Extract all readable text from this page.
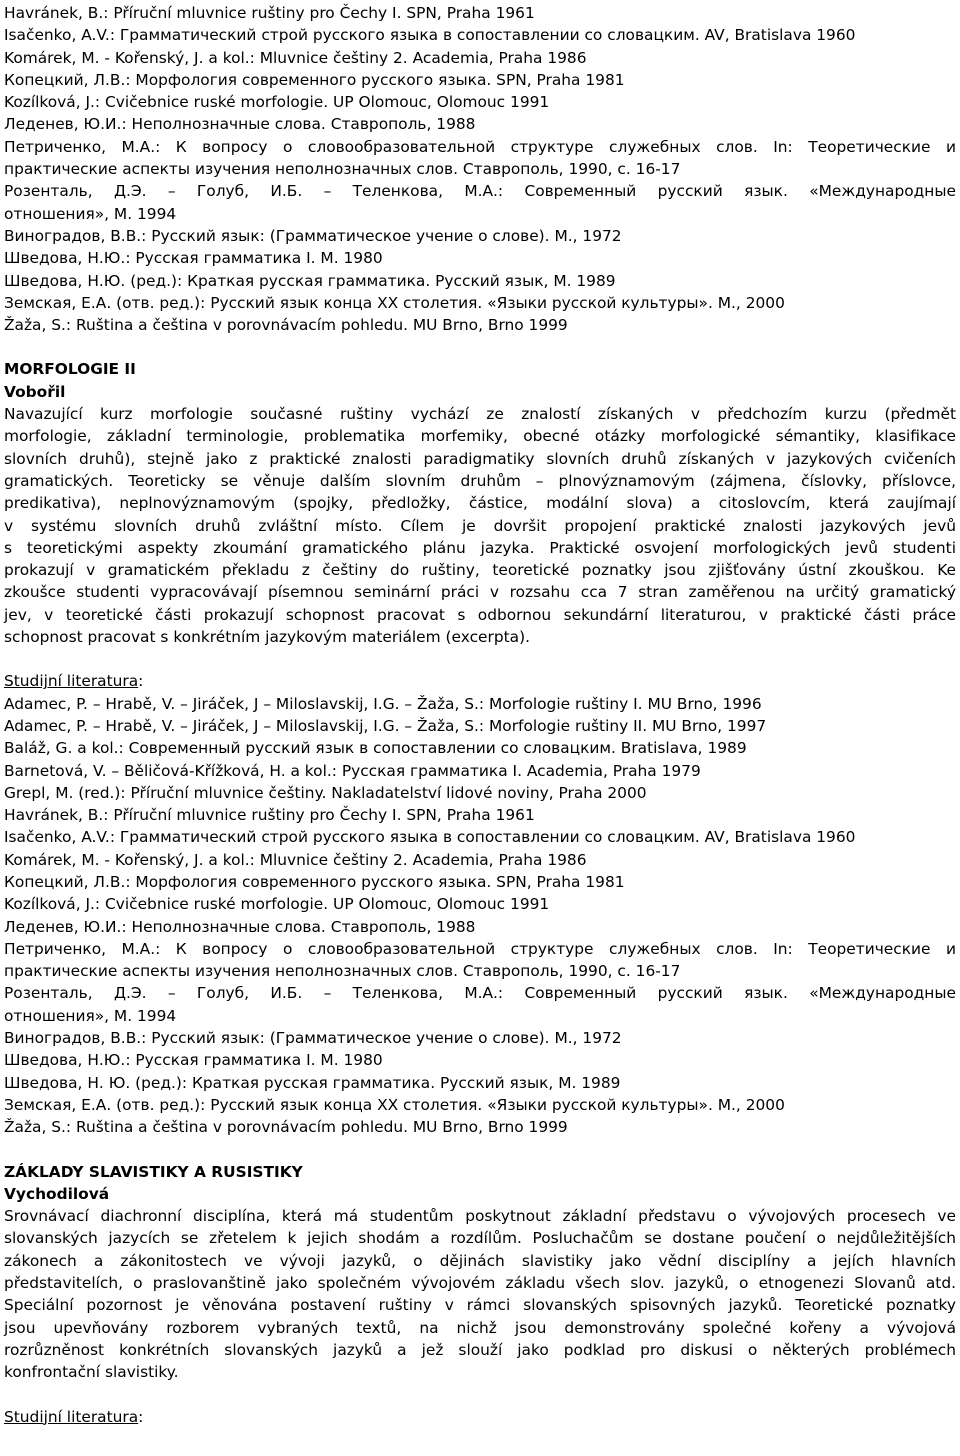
Havránek, B.: Příruční mluvnice ruštiny pro Čechy I. SPN, Praha 1961
Isačenko, A.V.: Грамматический строй русского языка в сопоставлении со словацким. AV, Bratislava 1960
Komárek, M. - Kořenský, J. a kol.: Mluvnice češtiny 2. Academia, Praha 1986
Копецкий, Л.В.: Морфология современного русского языка. SPN, Praha 1981
Kozílková, J.: Cvičebnice ruské morfologie. UP Olomouc, Olomouc 1991
Леденев, Ю.И.: Неполнозначные слова. Ставрополь, 1988
Петриченко, М.А.: К вопросу о словообразовательной структуре служебных слов. In: Теоретические и
практические аспекты изучения неполнозначных слов. Ставрополь, 1990, с. 16-17
Розенталь, Д.Э. – Голуб, И.Б. – Теленкова, М.А.: Современный русский язык. «Международные
отношения», М. 1994
Виноградов, В.В.: Русский язык: (Грамматическое учение о слове). М., 1972
Шведова, Н.Ю.: Русская грамматика I. М. 1980
Шведова, Н.Ю. (ред.): Краткая русская грамматика. Русский язык, М. 1989
Земская, Е.А. (отв. ред.): Русский язык конца ХХ столетия. «Языки русской культуры». М., 2000
Žaža, S.: Ruština a čeština v porovnávacím pohledu. MU Brno, Brno 1999
MORFOLOGIE II
Vobořil
Navazující kurz morfologie současné ruštiny vychází ze znalostí získaných v předchozím kurzu (předmět
morfologie, základní terminologie, problematika morfemiky, obecné otázky morfologické sémantiky, klasifikace
slovních druhů), stejně jako z praktické znalosti paradigmatiky slovních druhů získaných v jazykových cvičeních
gramatických. Teoreticky se věnuje dalším slovním druhům – plnovýznamovým (zájmena, číslovky, příslovce,
predikativa), neplnovýznamovým (spojky, předložky, částice, modální slova) a citoslovcím, která zaujímají
v systému slovních druhů zvláštní místo. Cílem je dovršit propojení praktické znalosti jazykových jevů
s teoretickými aspekty zkoumání gramatického plánu jazyka. Praktické osvojení morfologických jevů studenti
prokazují v gramatickém překladu z češtiny do ruštiny, teoretické poznatky jsou zjišťovány ústní zkouškou. Ke
zkoušce studenti vypracovávají písemnou seminární práci v rozsahu cca 7 stran zaměřenou na určitý gramatický
jev, v teoretické části prokazují schopnost pracovat s odbornou sekundární literaturou, v praktické části práce
schopnost pracovat s konkrétním jazykovým materiálem (excerpta).
Studijní literatura:
Adamec, P. – Hrabě, V. – Jiráček, J – Miloslavskij, I.G. – Žaža, S.: Morfologie ruštiny I. MU Brno, 1996
Adamec, P. – Hrabě, V. – Jiráček, J – Miloslavskij, I.G. – Žaža, S.: Morfologie ruštiny II. MU Brno, 1997
Baláž, G. a kol.: Современный русский язык в сопоставлении со словацким. Bratislava, 1989
Barnetová, V. – Běličová-Křížková, H. a kol.: Русская грамматика I. Academia, Praha 1979
Grepl, M. (red.): Příruční mluvnice češtiny. Nakladatelství lidové noviny, Praha 2000
Havránek, B.: Příruční mluvnice ruštiny pro Čechy I. SPN, Praha 1961
Isačenko, A.V.: Грамматический строй русского языка в сопоставлении со словацким. AV, Bratislava 1960
Komárek, M. - Kořenský, J. a kol.: Mluvnice češtiny 2. Academia, Praha 1986
Копецкий, Л.В.: Морфология современного русского языка. SPN, Praha 1981
Kozílková, J.: Cvičebnice ruské morfologie. UP Olomouc, Olomouc 1991
Леденев, Ю.И.: Неполнозначные слова. Ставрополь, 1988
Петриченко, М.А.: К вопросу о словообразовательной структуре служебных слов. In: Теоретические и
практические аспекты изучения неполнозначных слов. Ставрополь, 1990, с. 16-17
Розенталь, Д.Э. – Голуб, И.Б. – Теленкова, М.А.: Современный русский язык. «Международные
отношения», М. 1994
Виноградов, В.В.: Русский язык: (Грамматическое учение о слове). М., 1972
Шведова, Н.Ю.: Русская грамматика I. М. 1980
Шведова, Н. Ю. (ред.): Краткая русская грамматика. Русский язык, М. 1989
Земская, Е.А. (отв. ред.): Русский язык конца ХХ столетия. «Языки русской культуры». М., 2000
Žaža, S.: Ruština a čeština v porovnávacím pohledu. MU Brno, Brno 1999
ZÁKLADY SLAVISTIKY A RUSISTIKY
Vychodilová
Srovnávací diachronní disciplína, která má studentům poskytnout základní představu o vývojových procesech ve
slovanských jazycích se zřetelem k jejich shodám a rozdílům. Posluchačům se dostane poučení o nejdůležitějších
zákonech a zákonitostech ve vývoji jazyků, o dějinách slavistiky jako vědní disciplíny a jejích hlavních
představitelích, o praslovanštině jako společném vývojovém základu všech slov. jazyků, o etnogenezi Slovanů atd.
Speciální pozornost je věnována postavení ruštiny v rámci slovanských spisovných jazyků. Teoretické poznatky
jsou upevňovány rozborem vybraných textů, na nichž jsou demonstrovány společné kořeny a vývojová
rozrůzněnost konkrétních slovanských jazyků a jež slouží jako podklad pro diskusi o některých problémech
konfrontační slavistiky.
Studijní literatura:
